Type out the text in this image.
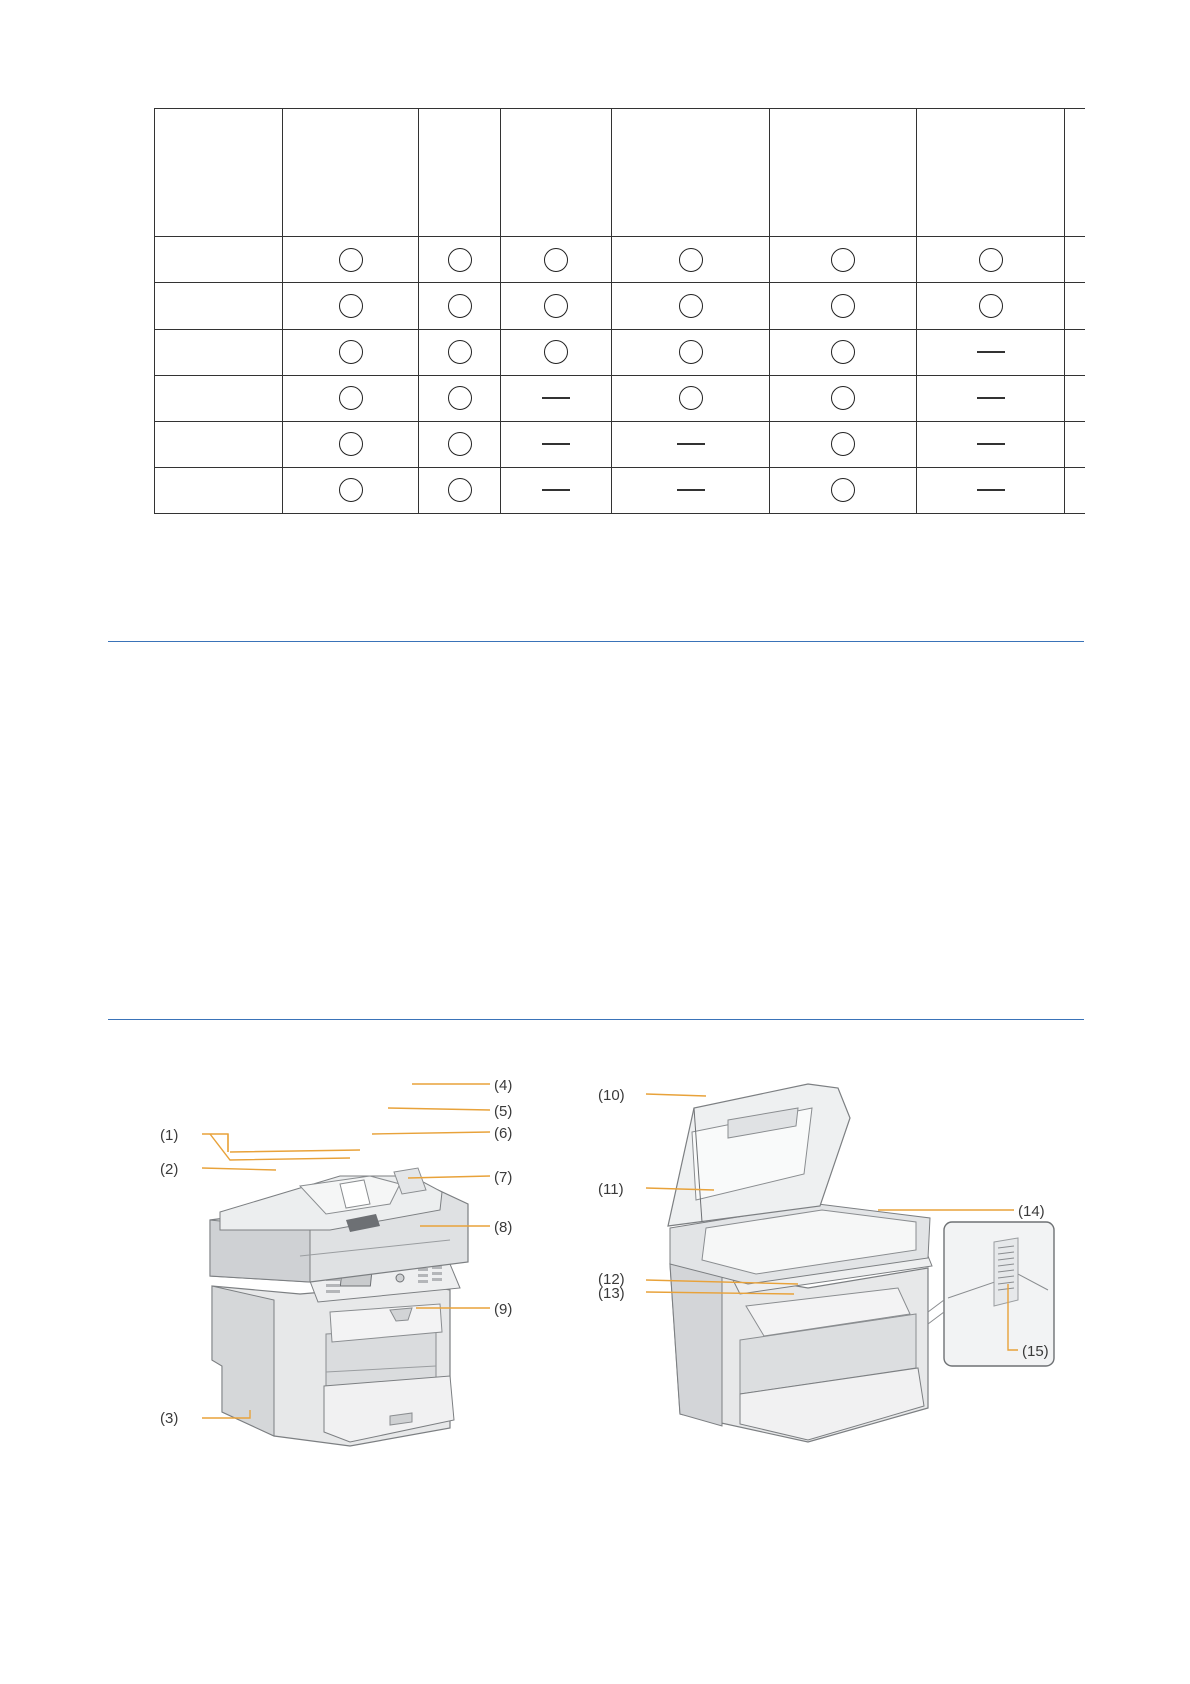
(1)
(2)
(3)
(4)
(5)
(6)
(7)
(8)
(9)
(10)
(11)
(12)
(13)
(14)
(15)
